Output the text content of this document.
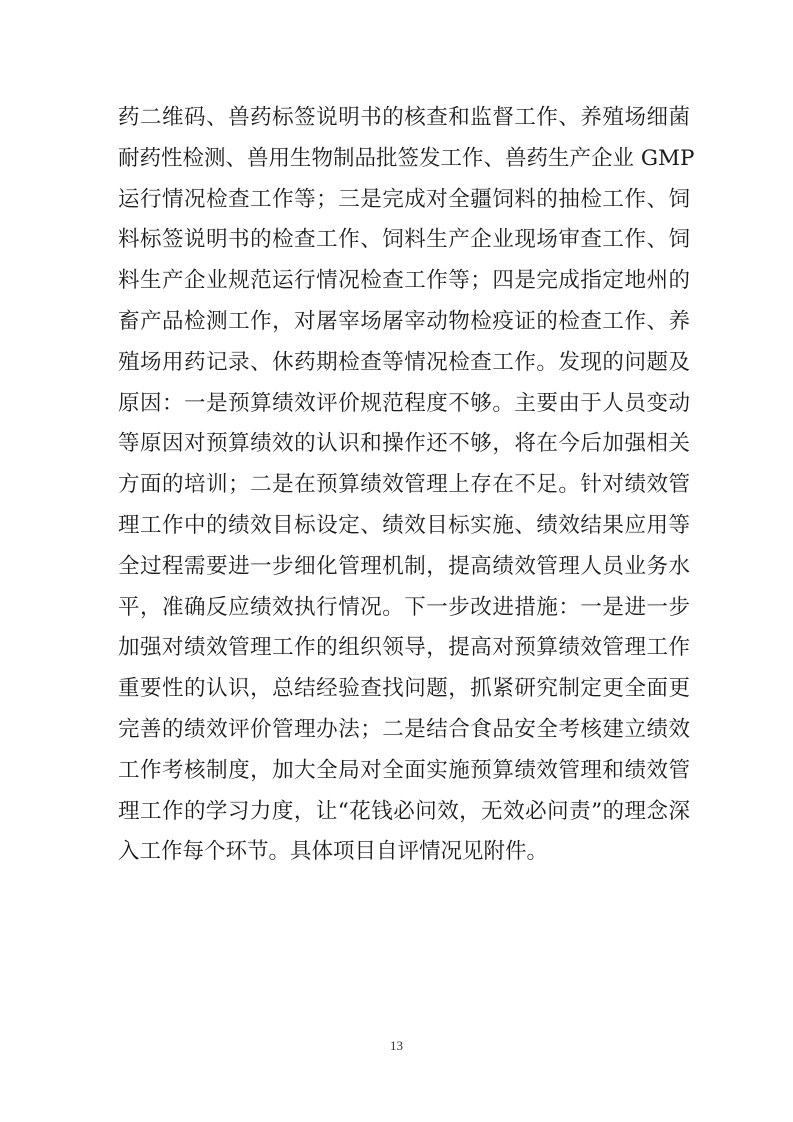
药二维码、兽药标签说明书的核查和监督工作、养殖场细菌
耐药性检测、兽用生物制品批签发工作、兽药生产企业 GMP
运行情况检查工作等；三是完成对全疆饲料的抽检工作、饲
料标签说明书的检查工作、饲料生产企业现场审查工作、饲
料生产企业规范运行情况检查工作等；四是完成指定地州的
畜产品检测工作，对屠宰场屠宰动物检疫证的检查工作、养
殖场用药记录、休药期检查等情况检查工作。发现的问题及
原因：一是预算绩效评价规范程度不够。主要由于人员变动
等原因对预算绩效的认识和操作还不够，将在今后加强相关
方面的培训；二是在预算绩效管理上存在不足。针对绩效管
理工作中的绩效目标设定、绩效目标实施、绩效结果应用等
全过程需要进一步细化管理机制，提高绩效管理人员业务水
平，准确反应绩效执行情况。下一步改进措施：一是进一步
加强对绩效管理工作的组织领导，提高对预算绩效管理工作
重要性的认识，总结经验查找问题，抓紧研究制定更全面更
完善的绩效评价管理办法；二是结合食品安全考核建立绩效
工作考核制度，加大全局对全面实施预算绩效管理和绩效管
理工作的学习力度，让“花钱必问效，无效必问责”的理念深
入工作每个环节。具体项目自评情况见附件。
13
